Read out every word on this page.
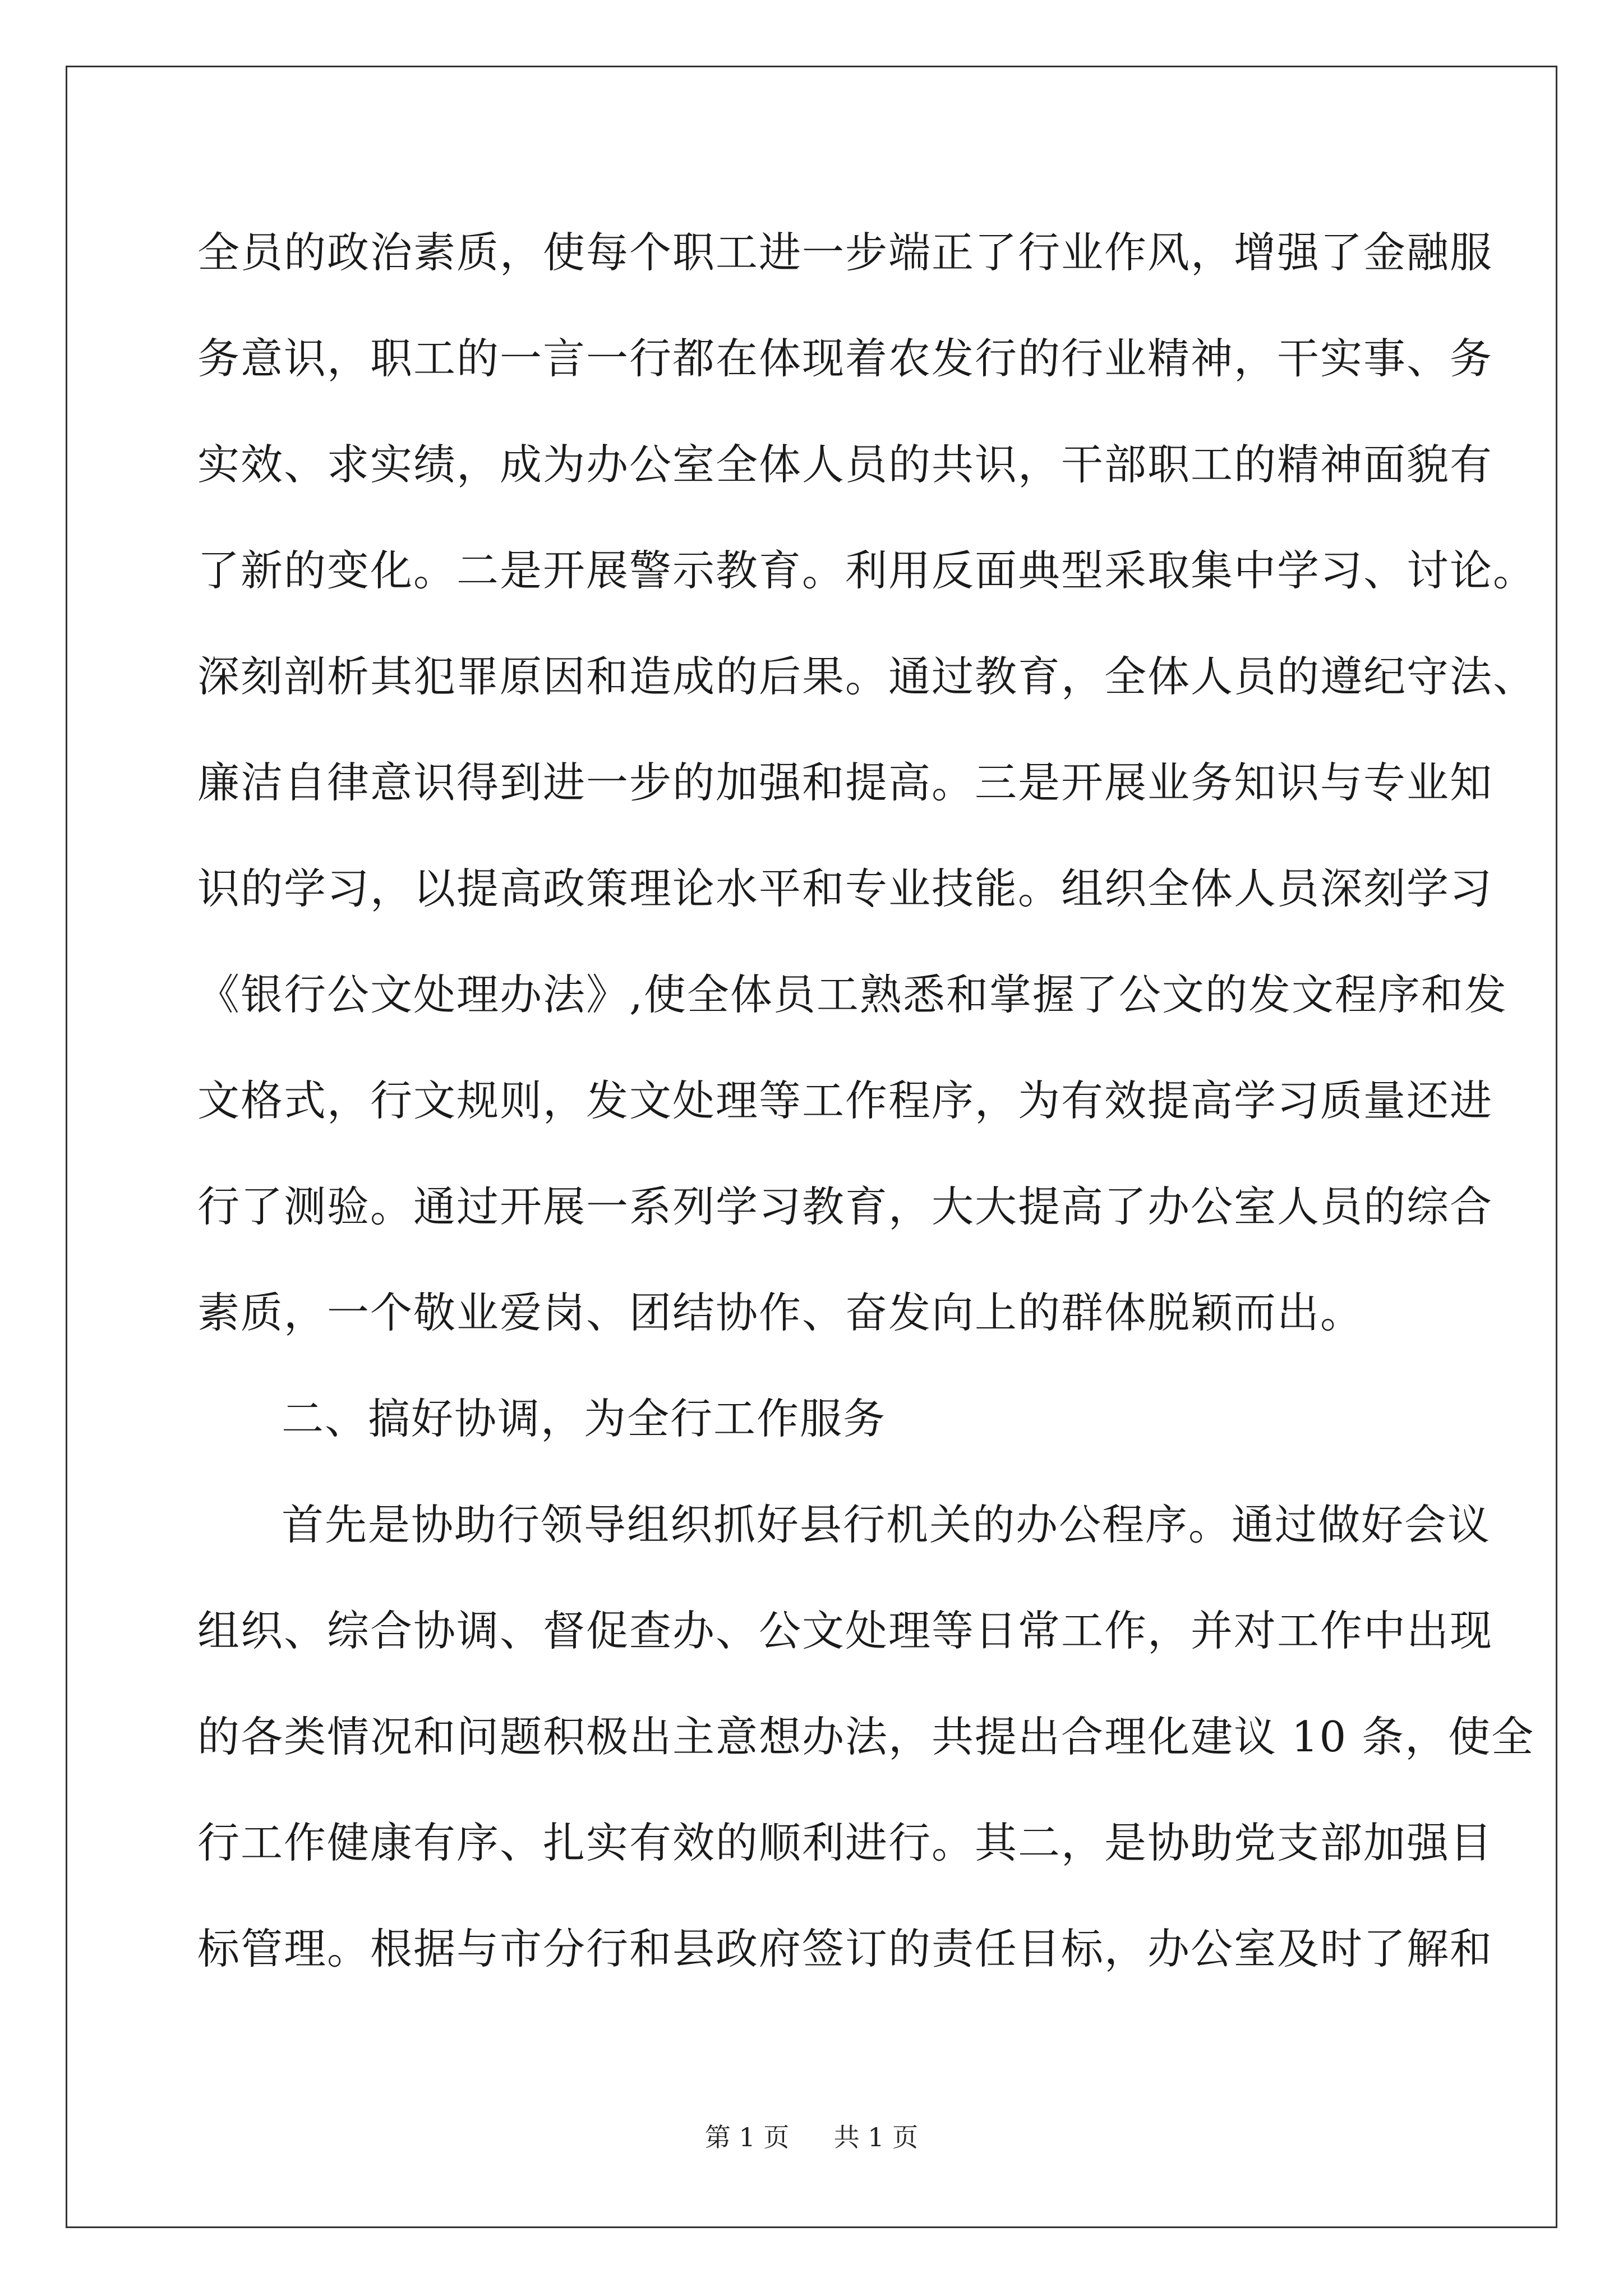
全员的政治素质，使每个职工进一步端正了行业作风，增强了金融服
务意识，职工的一言一行都在体现着农发行的行业精神，干实事、务
实效、求实绩，成为办公室全体人员的共识，干部职工的精神面貌有
了新的变化。二是开展警示教育。利用反面典型采取集中学习、讨论。
深刻剖析其犯罪原因和造成的后果。通过教育，全体人员的遵纪守法、
廉洁自律意识得到进一步的加强和提高。三是开展业务知识与专业知
识的学习，以提高政策理论水平和专业技能。组织全体人员深刻学习
《银行公文处理办法》,使全体员工熟悉和掌握了公文的发文程序和发
文格式，行文规则，发文处理等工作程序，为有效提高学习质量还进
行了测验。通过开展一系列学习教育，大大提高了办公室人员的综合
素质，一个敬业爱岗、团结协作、奋发向上的群体脱颖而出。
二、搞好协调，为全行工作服务
首先是协助行领导组织抓好县行机关的办公程序。通过做好会议
组织、综合协调、督促查办、公文处理等日常工作，并对工作中出现
的各类情况和问题积极出主意想办法，共提出合理化建议 10 条，使全
行工作健康有序、扎实有效的顺利进行。其二，是协助党支部加强目
标管理。根据与市分行和县政府签订的责任目标，办公室及时了解和
第 1 页 共 1 页
